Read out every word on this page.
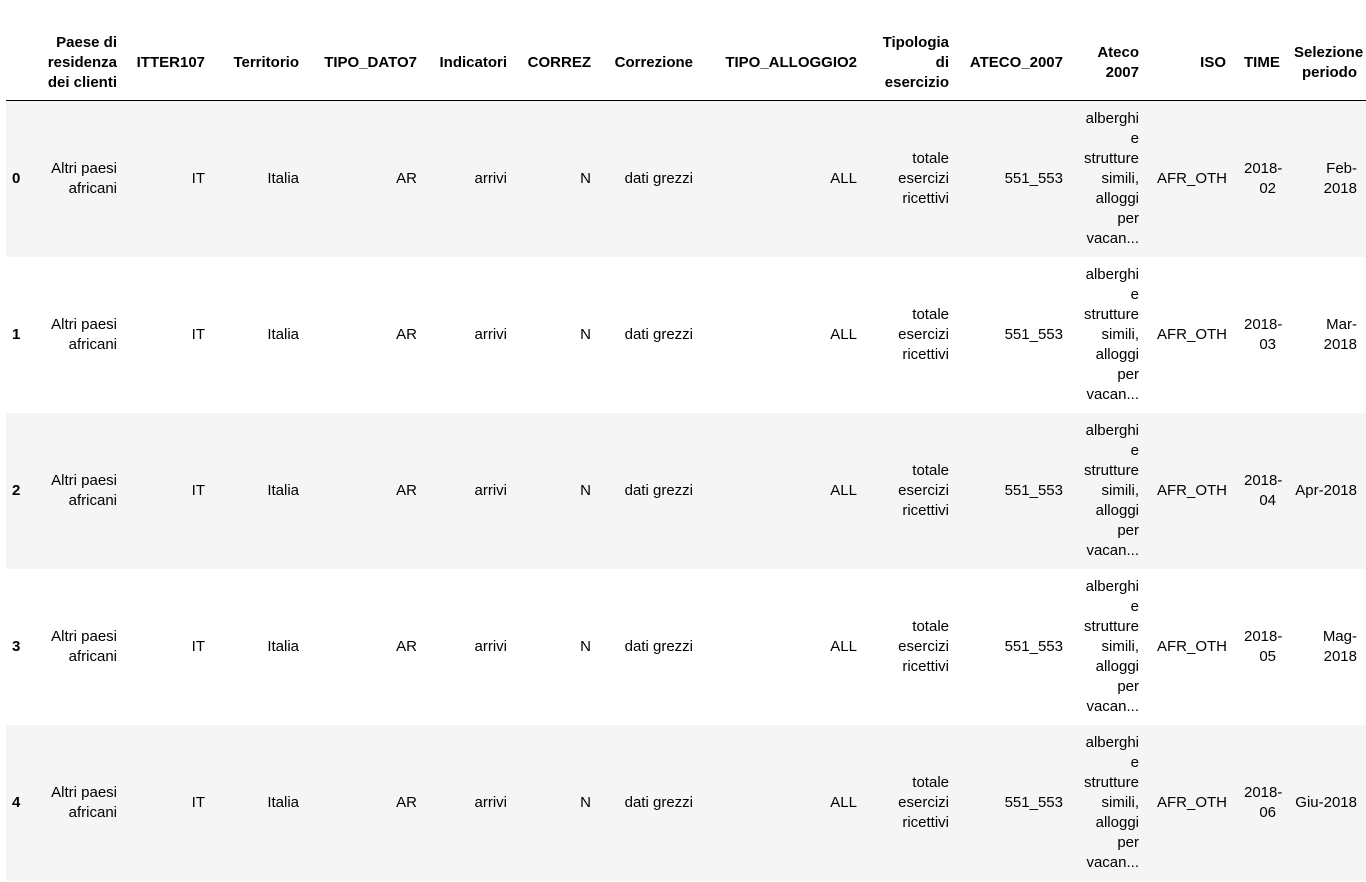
	Paese di residenza dei clienti	ITTER107	Territorio	TIPO_DATO7	Indicatori	CORREZ	Correzione	TIPO_ALLOGGIO2	Tipologia di esercizio	ATECO_2007	Ateco 2007	ISO	TIME	Selezione periodo
0	Altri paesi africani	IT	Italia	AR	arrivi	N	dati grezzi	ALL	totale esercizi ricettivi	551_553	alberghi e strutture simili, alloggi per vacan...	AFR_OTH	2018-02	Feb-2018
1	Altri paesi africani	IT	Italia	AR	arrivi	N	dati grezzi	ALL	totale esercizi ricettivi	551_553	alberghi e strutture simili, alloggi per vacan...	AFR_OTH	2018-03	Mar-2018
2	Altri paesi africani	IT	Italia	AR	arrivi	N	dati grezzi	ALL	totale esercizi ricettivi	551_553	alberghi e strutture simili, alloggi per vacan...	AFR_OTH	2018-04	Apr-2018
3	Altri paesi africani	IT	Italia	AR	arrivi	N	dati grezzi	ALL	totale esercizi ricettivi	551_553	alberghi e strutture simili, alloggi per vacan...	AFR_OTH	2018-05	Mag-2018
4	Altri paesi africani	IT	Italia	AR	arrivi	N	dati grezzi	ALL	totale esercizi ricettivi	551_553	alberghi e strutture simili, alloggi per vacan...	AFR_OTH	2018-06	Giu-2018
